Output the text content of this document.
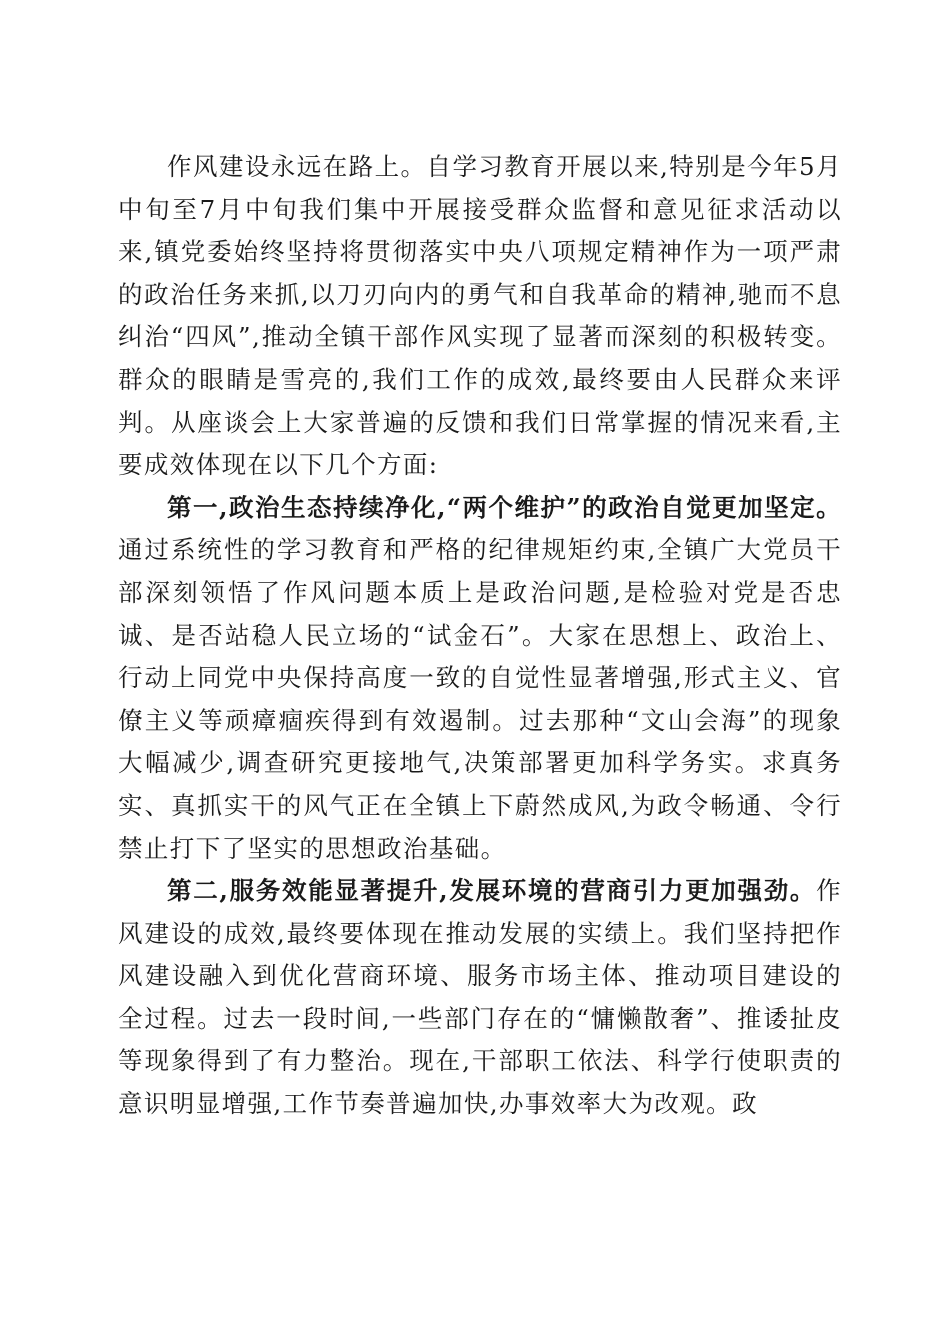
作风建设永远在路上。自学习教育开展以来,特别是今年5月中旬至7月中旬我们集中开展接受群众监督和意见征求活动以来,镇党委始终坚持将贯彻落实中央八项规定精神作为一项严肃的政治任务来抓,以刀刃向内的勇气和自我革命的精神,驰而不息纠治“四风”,推动全镇干部作风实现了显著而深刻的积极转变。群众的眼睛是雪亮的,我们工作的成效,最终要由人民群众来评判。从座谈会上大家普遍的反馈和我们日常掌握的情况来看,主要成效体现在以下几个方面:

第一,政治生态持续净化,“两个维护”的政治自觉更加坚定。通过系统性的学习教育和严格的纪律规矩约束,全镇广大党员干部深刻领悟了作风问题本质上是政治问题,是检验对党是否忠诚、是否站稳人民立场的“试金石”。大家在思想上、政治上、行动上同党中央保持高度一致的自觉性显著增强,形式主义、官僚主义等顽瘴痼疾得到有效遏制。过去那种“文山会海”的现象大幅减少,调查研究更接地气,决策部署更加科学务实。求真务实、真抓实干的风气正在全镇上下蔚然成风,为政令畅通、令行禁止打下了坚实的思想政治基础。

第二,服务效能显著提升,发展环境的营商引力更加强劲。作风建设的成效,最终要体现在推动发展的实绩上。我们坚持把作风建设融入到优化营商环境、服务市场主体、推动项目建设的全过程。过去一段时间,一些部门存在的“慵懒散奢”、推诿扯皮等现象得到了有力整治。现在,干部职工依法、科学行使职责的意识明显增强,工作节奏普遍加快,办事效率大为改观。政
